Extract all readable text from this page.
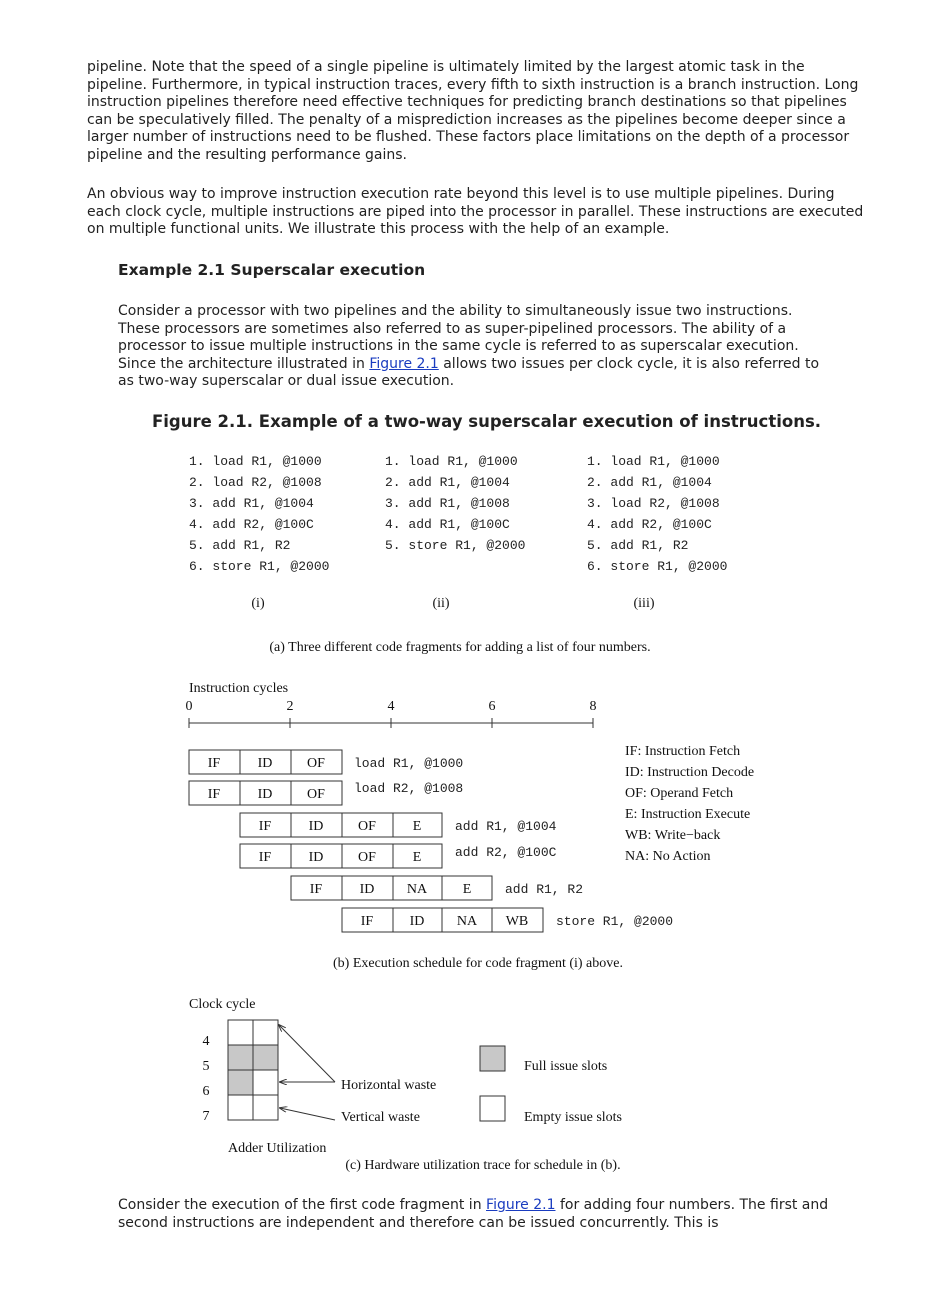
pipeline. Note that the speed of a single pipeline is ultimately limited by the largest atomic task in the pipeline. Furthermore, in typical instruction traces, every fifth to sixth instruction is a branch instruction. Long instruction pipelines therefore need effective techniques for predicting branch destinations so that pipelines can be speculatively filled. The penalty of a misprediction increases as the pipelines become deeper since a larger number of instructions need to be flushed. These factors place limitations on the depth of a processor pipeline and the resulting performance gains.

An obvious way to improve instruction execution rate beyond this level is to use multiple pipelines. During each clock cycle, multiple instructions are piped into the processor in parallel. These instructions are executed on multiple functional units. We illustrate this process with the help of an example.

Example 2.1 Superscalar execution

Consider a processor with two pipelines and the ability to simultaneously issue two instructions. These processors are sometimes also referred to as super-pipelined processors. The ability of a processor to issue multiple instructions in the same cycle is referred to as superscalar execution. Since the architecture illustrated in Figure 2.1 allows two issues per clock cycle, it is also referred to as two-way superscalar or dual issue execution.

Figure 2.1. Example of a two-way superscalar execution of instructions.
1. load R1, @1000
2. load R2, @1008
3. add R1, @1004
4. add R2, @100C
5. add R1, R2
6. store R1, @2000
1. load R1, @1000
2. add R1, @1004
3. add R1, @1008
4. add R1, @100C
5. store R1, @2000
1. load R1, @1000
2. add R1, @1004
3. load R2, @1008
4. add R2, @100C
5. add R1, R2
6. store R1, @2000
(i)	(ii)	(iii)
(a) Three different code fragments for adding a list of four numbers.
Instruction cycles
0	2	4	6	8
IF	ID OF load R1, @1000
IF	ID OF load R2, @1008
IF	ID OF	E	add R1, @1004
IF	ID OF	E	add R2, @100C
IF	ID NA	E	add R1, R2
IF	ID NA WB store R1, @2000
IF: Instruction Fetch
ID: Instruction Decode
OF: Operand Fetch
E: Instruction Execute
WB: Write−back
NA: No Action
(b) Execution schedule for code fragment (i) above.
Clock cycle
4
5
6
7
Horizontal waste
Vertical waste
Adder Utilization
Full issue slots
Empty issue slots
(c) Hardware utilization trace for schedule in (b).

Consider the execution of the first code fragment in Figure 2.1 for adding four numbers. The first and second instructions are independent and therefore can be issued concurrently. This is
